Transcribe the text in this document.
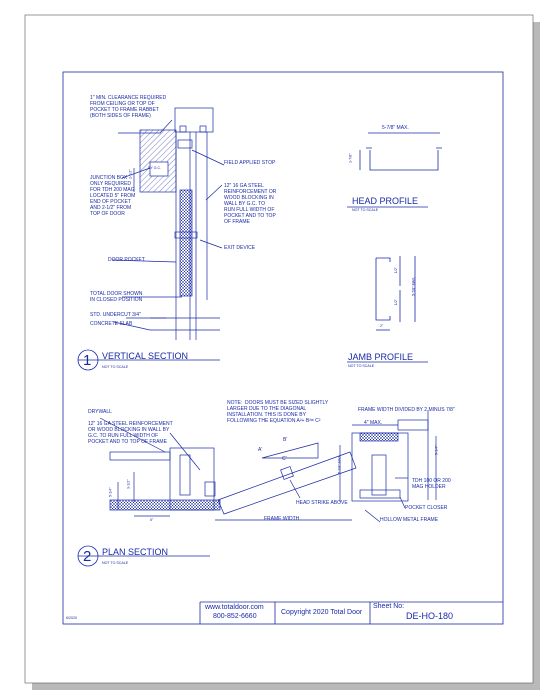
1" MIN. CLEARANCE REQUIRED
FROM CEILING OR TOP OF
POCKET TO FRAME RABBET
(BOTH SIDES OF FRAME)
JUNCTION BOX
ONLY REQUIRED
FOR TDH 200 MAG
LOCATED 5" FROM
END OF POCKET
AND 2-1/2" FROM
TOP OF DOOR
FIELD APPLIED STOP
12" 16 GA STEEL
REINFORCEMENT OR
WOOD BLOCKING IN
WALL BY G.C. TO
RUN FULL WIDTH OF
POCKET AND TO TOP
OF FRAME
EXIT DEVICE
DOOR POCKET
TOTAL DOOR SHOWN
IN CLOSED POSITION
STD. UNDERCUT 3/4"
CONCRETE SLAB
2-1/2"
BY G.C.
5-7/8" MAX.
1-7/8"
HEAD PROFILE
NOT TO SCALE
1/2"
1/2"
5-7/8" MAX.
2"
JAMB PROFILE
NOT TO SCALE
1 VERTICAL SECTION
NOT TO SCALE
DRYWALL
12" 16 GA STEEL REINFORCEMENT
OR WOOD BLOCKING IN WALL BY
G.C. TO RUN FULL WIDTH OF
POCKET AND TO TOP OF FRAME
NOTE:  DOORS MUST BE SIZED SLIGHTLY
LARGER DUE TO THE DIAGONAL
INSTALLATION. THIS IS DONE BY
FOLLOWING THE EQUATION A²+ B²= C²
FRAME WIDTH DIVIDED BY 2 MINUS 7/8"
4" MAX.
5-1/4"
5-7/8" MAX.
5-1/4"
3-1/2"
5"
A'
B'
C'
HEAD STRIKE ABOVE
FRAME WIDTH
TDH 100 OR 200
MAG HOLDER
POCKET CLOSER
HOLLOW METAL FRAME
2 PLAN SECTION
NOT TO SCALE
6/2020
www.totaldoor.com
800-852-6660
Copyright 2020 Total Door
Sheet No:
DE-HO-180
